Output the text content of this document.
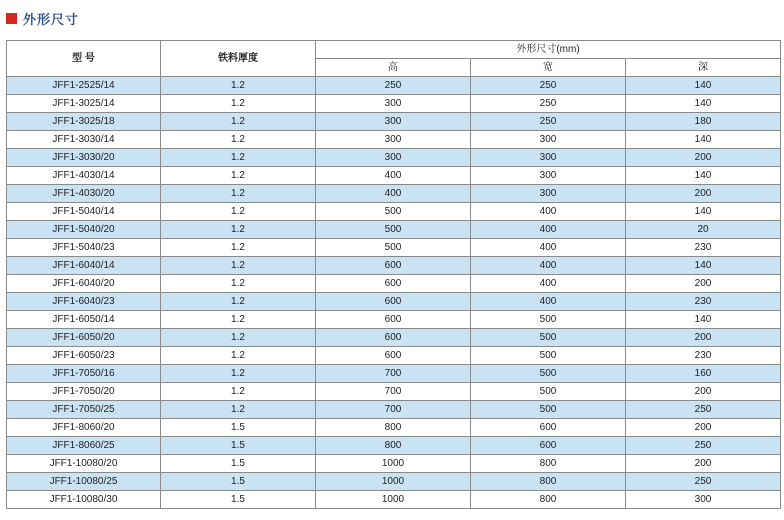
外形尺寸
型 号	铁料厚度	外形尺寸(mm)		
		高	宽	深
JFF1-2525/14	1.2	250	250	140
JFF1-3025/14	1.2	300	250	140
JFF1-3025/18	1.2	300	250	180
JFF1-3030/14	1.2	300	300	140
JFF1-3030/20	1.2	300	300	200
JFF1-4030/14	1.2	400	300	140
JFF1-4030/20	1.2	400	300	200
JFF1-5040/14	1.2	500	400	140
JFF1-5040/20	1.2	500	400	20
JFF1-5040/23	1.2	500	400	230
JFF1-6040/14	1.2	600	400	140
JFF1-6040/20	1.2	600	400	200
JFF1-6040/23	1.2	600	400	230
JFF1-6050/14	1.2	600	500	140
JFF1-6050/20	1.2	600	500	200
JFF1-6050/23	1.2	600	500	230
JFF1-7050/16	1.2	700	500	160
JFF1-7050/20	1.2	700	500	200
JFF1-7050/25	1.2	700	500	250
JFF1-8060/20	1.5	800	600	200
JFF1-8060/25	1.5	800	600	250
JFF1-10080/20	1.5	1000	800	200
JFF1-10080/25	1.5	1000	800	250
JFF1-10080/30	1.5	1000	800	300
